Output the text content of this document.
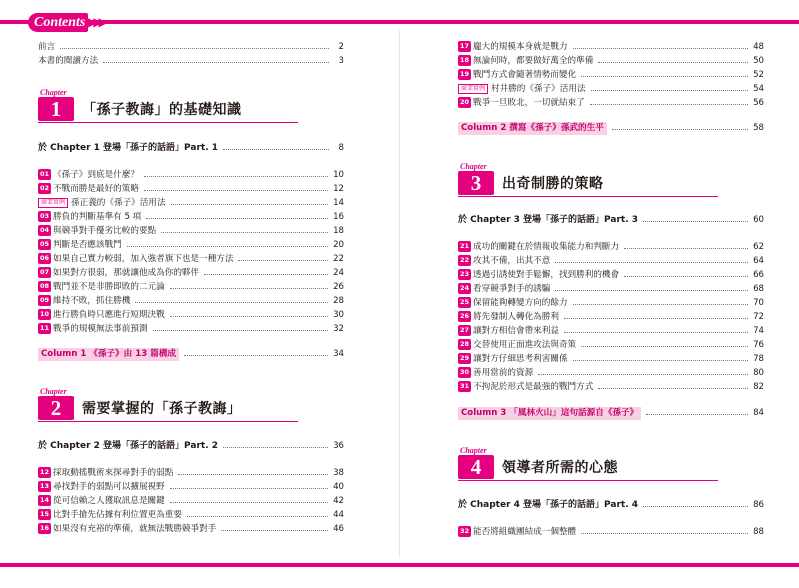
Contents ▶▶▶
前言	2
本書的閱讀方法	3
Chapter
1	「孫子教誨」的基礎知識
於 Chapter 1 登場「孫子的話語」Part. 1	8
01 《孫子》到底是什麼？	10
02 不戰而勝是最好的策略	12
商業實例 孫正義的《孫子》活用法	14
03 勝負的判斷基準有 5 項	16
04 與競爭對手優劣比較的要點	18
05 判斷是否應該戰鬥	20
06 如果自己實力較弱，加入強者旗下也是一種方法	22
07 如果對方很弱，那就讓他成為你的夥伴	24
08 戰鬥並不是非勝即敗的二元論	26
09 維持不敗，抓住勝機	28
10 進行勝負時只應進行短期決戰	30
11 戰爭的規模無法事前預測	32
Column 1 《孫子》由 13 篇構成	34
Chapter
2	需要掌握的「孫子教誨」
於 Chapter 2 登場「孫子的話語」Part. 2	36
12 採取動搖戰術來探尋對手的弱點	38
13 尋找對手的弱點可以擴展視野	40
14 從可信賴之人獲取訊息是關鍵	42
15 比對手搶先佔據有利位置更為重要	44
16 如果沒有充裕的準備，就無法戰勝競爭對手	46
17 龐大的規模本身就是戰力	48
18 無論何時，都要做好萬全的準備	50
19 戰鬥方式會隨著情勢而變化	52
商業實例 村井勝的《孫子》活用法	54
20 戰爭一旦敗北，一切就結束了	56
Column 2 撰寫《孫子》孫武的生平	58
Chapter
3	出奇制勝的策略
於 Chapter 3 登場「孫子的話語」Part. 3	60
21 成功的關鍵在於情報收集能力和判斷力	62
22 攻其不備，出其不意	64
23 透過引誘使對手鬆懈，找到勝利的機會	66
24 看穿競爭對手的誘騙	68
25 保留能夠轉變方向的餘力	70
26 將先發制人轉化為勝利	72
27 讓對方相信會帶來利益	74
28 交替使用正面進攻法與奇策	76
29 讓對方仔細思考利害關係	78
30 善用當前的資源	80
31 不拘泥於形式是最強的戰鬥方式	82
Column 3 「風林火山」這句話源自《孫子》	84
Chapter
4	領導者所需的心態
於 Chapter 4 登場「孫子的話語」Part. 4	86
32 能否將組織團結成一個整體	88
